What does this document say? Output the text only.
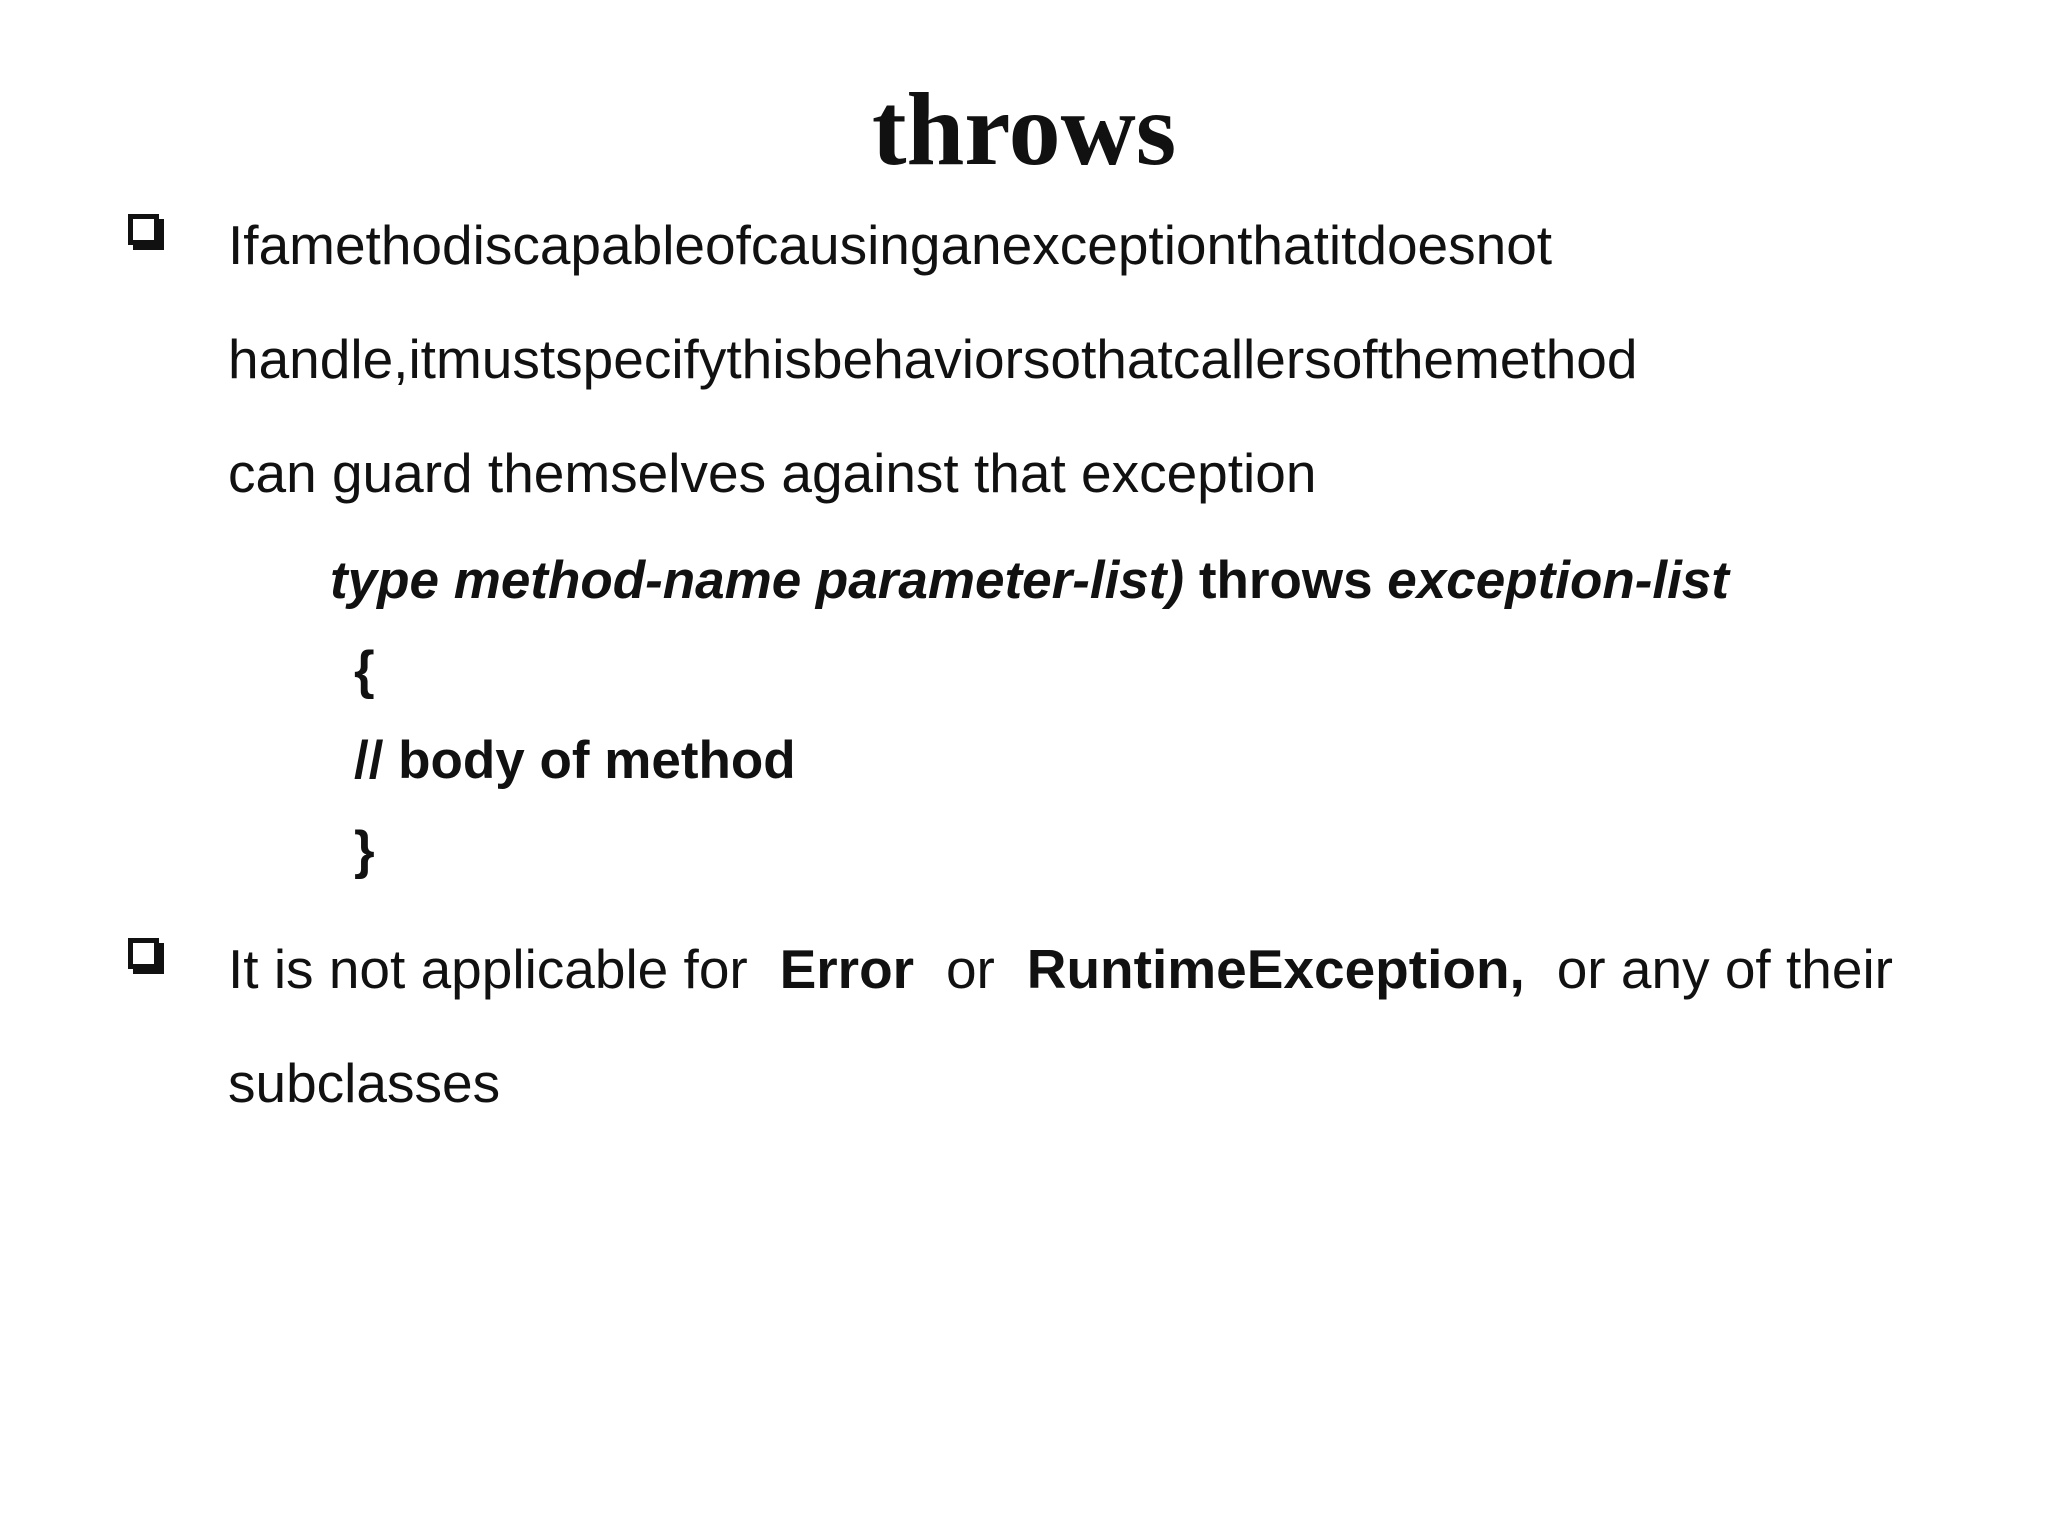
throws
Ifamethodiscapableofcausinganexceptionthatitdoesnot
handle,itmustspecifythisbehaviorsothatcallersofthemethod
can guard themselves against that exception
type method-name parameter-list) throws exception-list
{
// body of method
}
It is not applicable for Error or RuntimeException, or any of their
subclasses
